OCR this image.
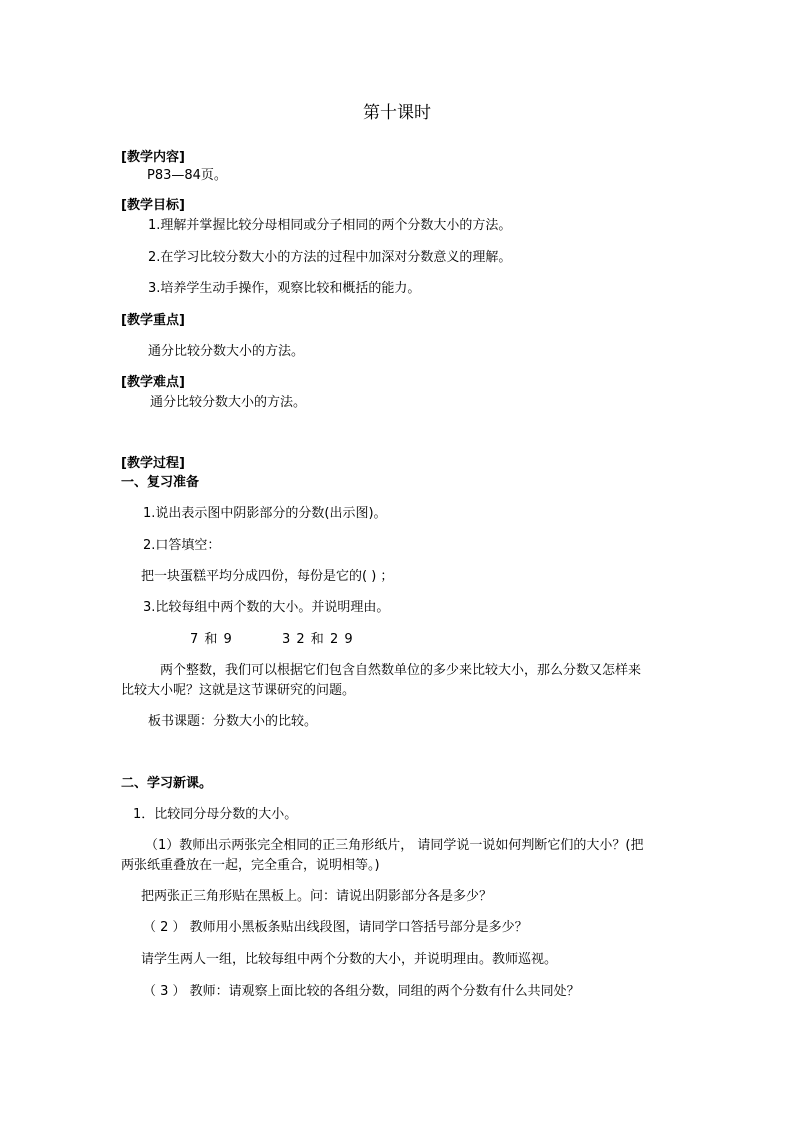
第十课时
[教学内容]
P83—84页。
[教学目标]
1.理解并掌握比较分母相同或分子相同的两个分数大小的方法。
2.在学习比较分数大小的方法的过程中加深对分数意义的理解。
3.培养学生动手操作，观察比较和概括的能力。
[教学重点]
通分比较分数大小的方法。
[教学难点]
通分比较分数大小的方法。
[教学过程]
一、复习准备
1.说出表示图中阴影部分的分数(出示图)。
2.口答填空：
把一块蛋糕平均分成四份，每份是它的( ) ；
3.比较每组中两个数的大小。并说明理由。
7 和 9	3 2 和 2 9
两个整数，我们可以根据它们包含自然数单位的多少来比较大小，那么分数又怎样来
比较大小呢？这就是这节课研究的问题。
板书课题：分数大小的比较。
二、学习新课。
1．比较同分母分数的大小。
（1）教师出示两张完全相同的正三角形纸片， 请同学说一说如何判断它们的大小？(把
两张纸重叠放在一起，完全重合，说明相等。)
把两张正三角形贴在黑板上。问：请说出阴影部分各是多少？
（ 2 ） 教师用小黑板条贴出线段图，请同学口答括号部分是多少？
请学生两人一组，比较每组中两个分数的大小，并说明理由。教师巡视。
（ 3 ） 教师：请观察上面比较的各组分数，同组的两个分数有什么共同处？
